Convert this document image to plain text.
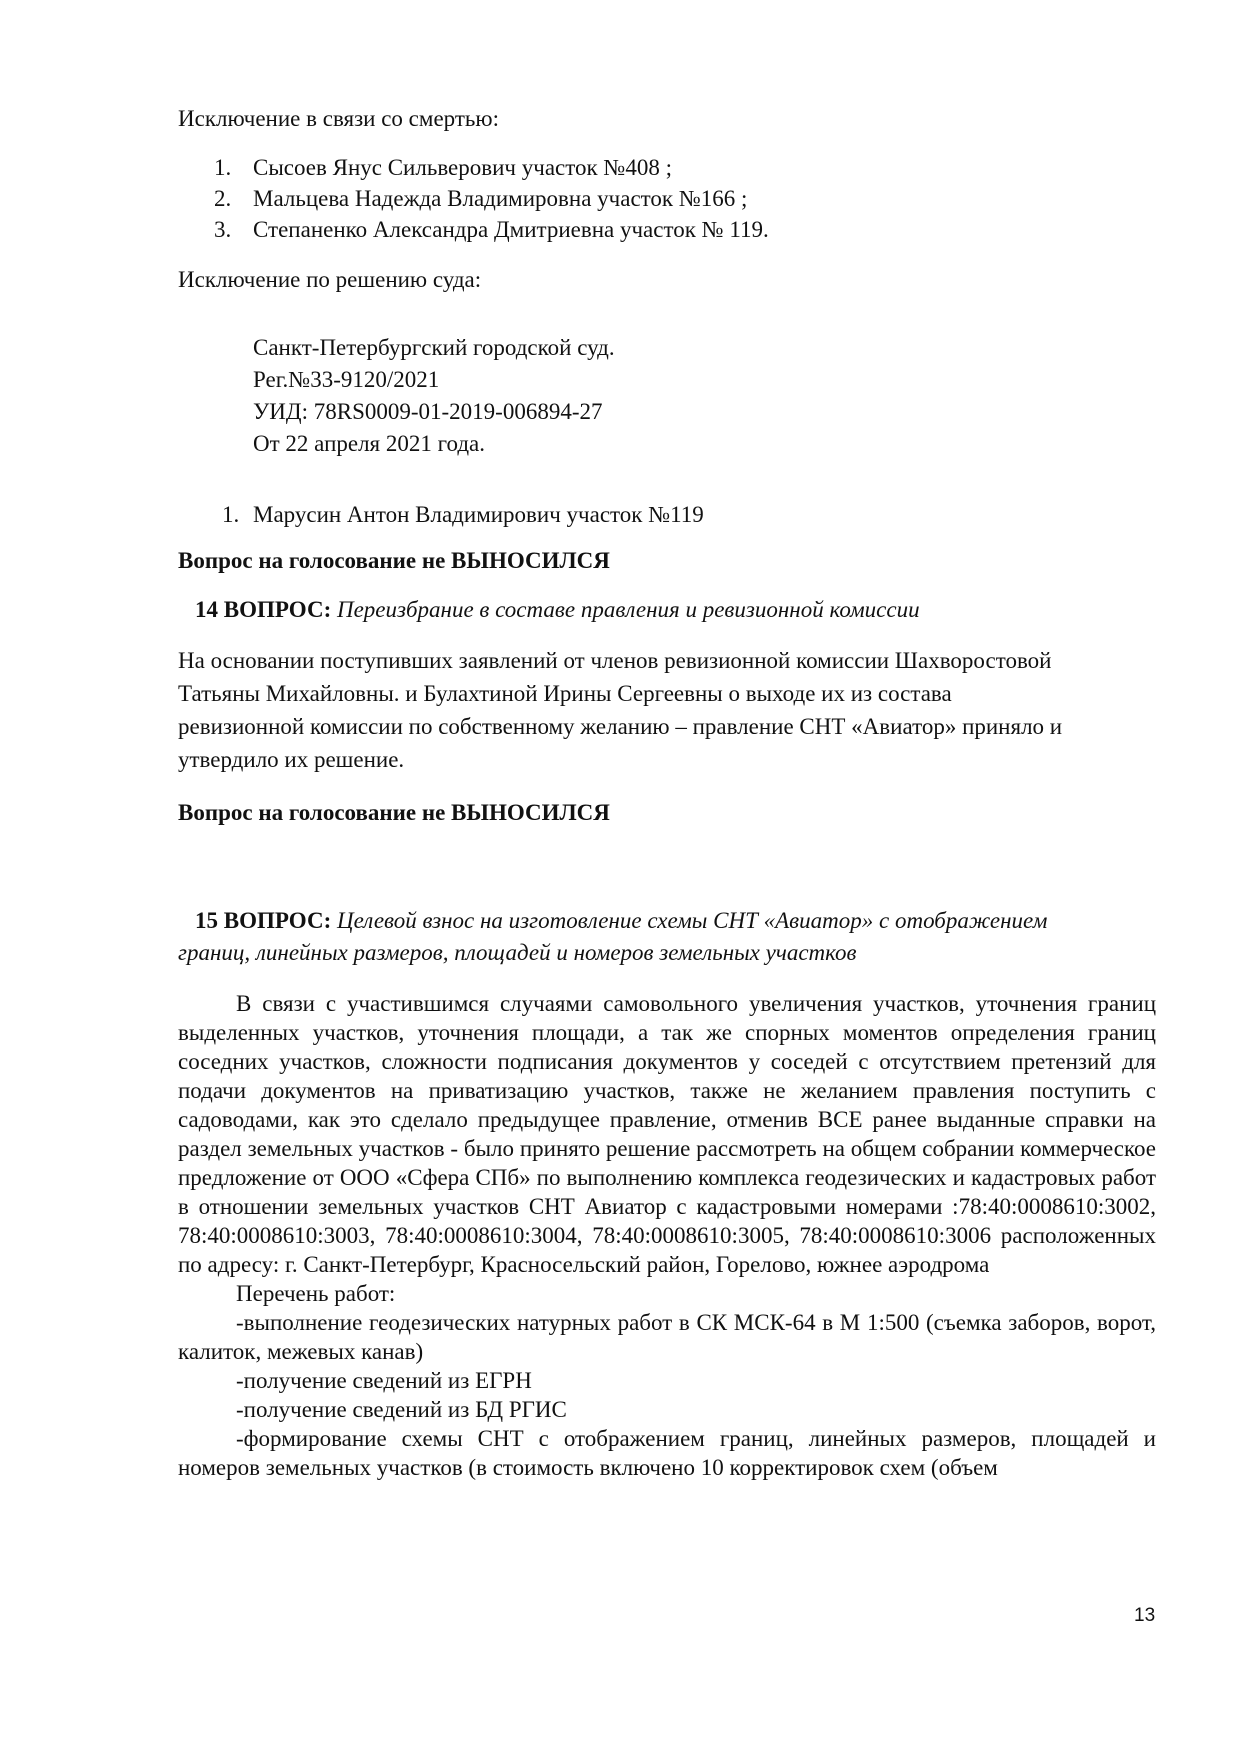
Исключение в связи со смертью:
1. Сысоев Янус Сильверович участок №408 ;
2. Мальцева Надежда Владимировна участок №166 ;
3. Степаненко Александра Дмитриевна участок № 119.
Исключение по решению суда:
Санкт-Петербургский городской суд.
Рег.№33-9120/2021
УИД: 78RS0009-01-2019-006894-27
От 22 апреля 2021 года.
1. Марусин Антон Владимирович участок №119
Вопрос на голосование не ВЫНОСИЛСЯ
14 ВОПРОС: Переизбрание в составе правления и ревизионной комиссии
На основании поступивших заявлений от членов ревизионной комиссии Шахворостовой
Татьяны Михайловны. и Булахтиной Ирины Сергеевны о выходе их из состава
ревизионной комиссии по собственному желанию – правление СНТ «Авиатор» приняло и
утвердило их решение.
Вопрос на голосование не ВЫНОСИЛСЯ
15 ВОПРОС: Целевой взнос на изготовление схемы СНТ «Авиатор» с отображением
границ, линейных размеров, площадей и номеров земельных участков

В связи с участившимся случаями самовольного увеличения участков, уточнения границ выделенных участков, уточнения площади, а так же спорных моментов определения границ соседних участков, сложности подписания документов у соседей с отсутствием претензий для подачи документов на приватизацию участков, также не желанием правления поступить с садоводами, как это сделало предыдущее правление, отменив ВСЕ ранее выданные справки на раздел земельных участков - было принято решение рассмотреть на общем собрании коммерческое предложение от ООО «Сфера СПб» по выполнению комплекса геодезических и кадастровых работ в отношении земельных участков СНТ Авиатор с кадастровыми номерами :78:40:0008610:3002, 78:40:0008610:3003, 78:40:0008610:3004, 78:40:0008610:3005, 78:40:0008610:3006 расположенных по адресу: г. Санкт-Петербург, Красносельский район, Горелово, южнее аэродрома

Перечень работ:

-выполнение геодезических натурных работ в СК МСК-64 в М 1:500 (съемка заборов, ворот, калиток, межевых канав)

-получение сведений из ЕГРН

-получение сведений из БД РГИС

-формирование схемы СНТ с отображением границ, линейных размеров, площадей и номеров земельных участков (в стоимость включено 10 корректировок схем (объем

13
